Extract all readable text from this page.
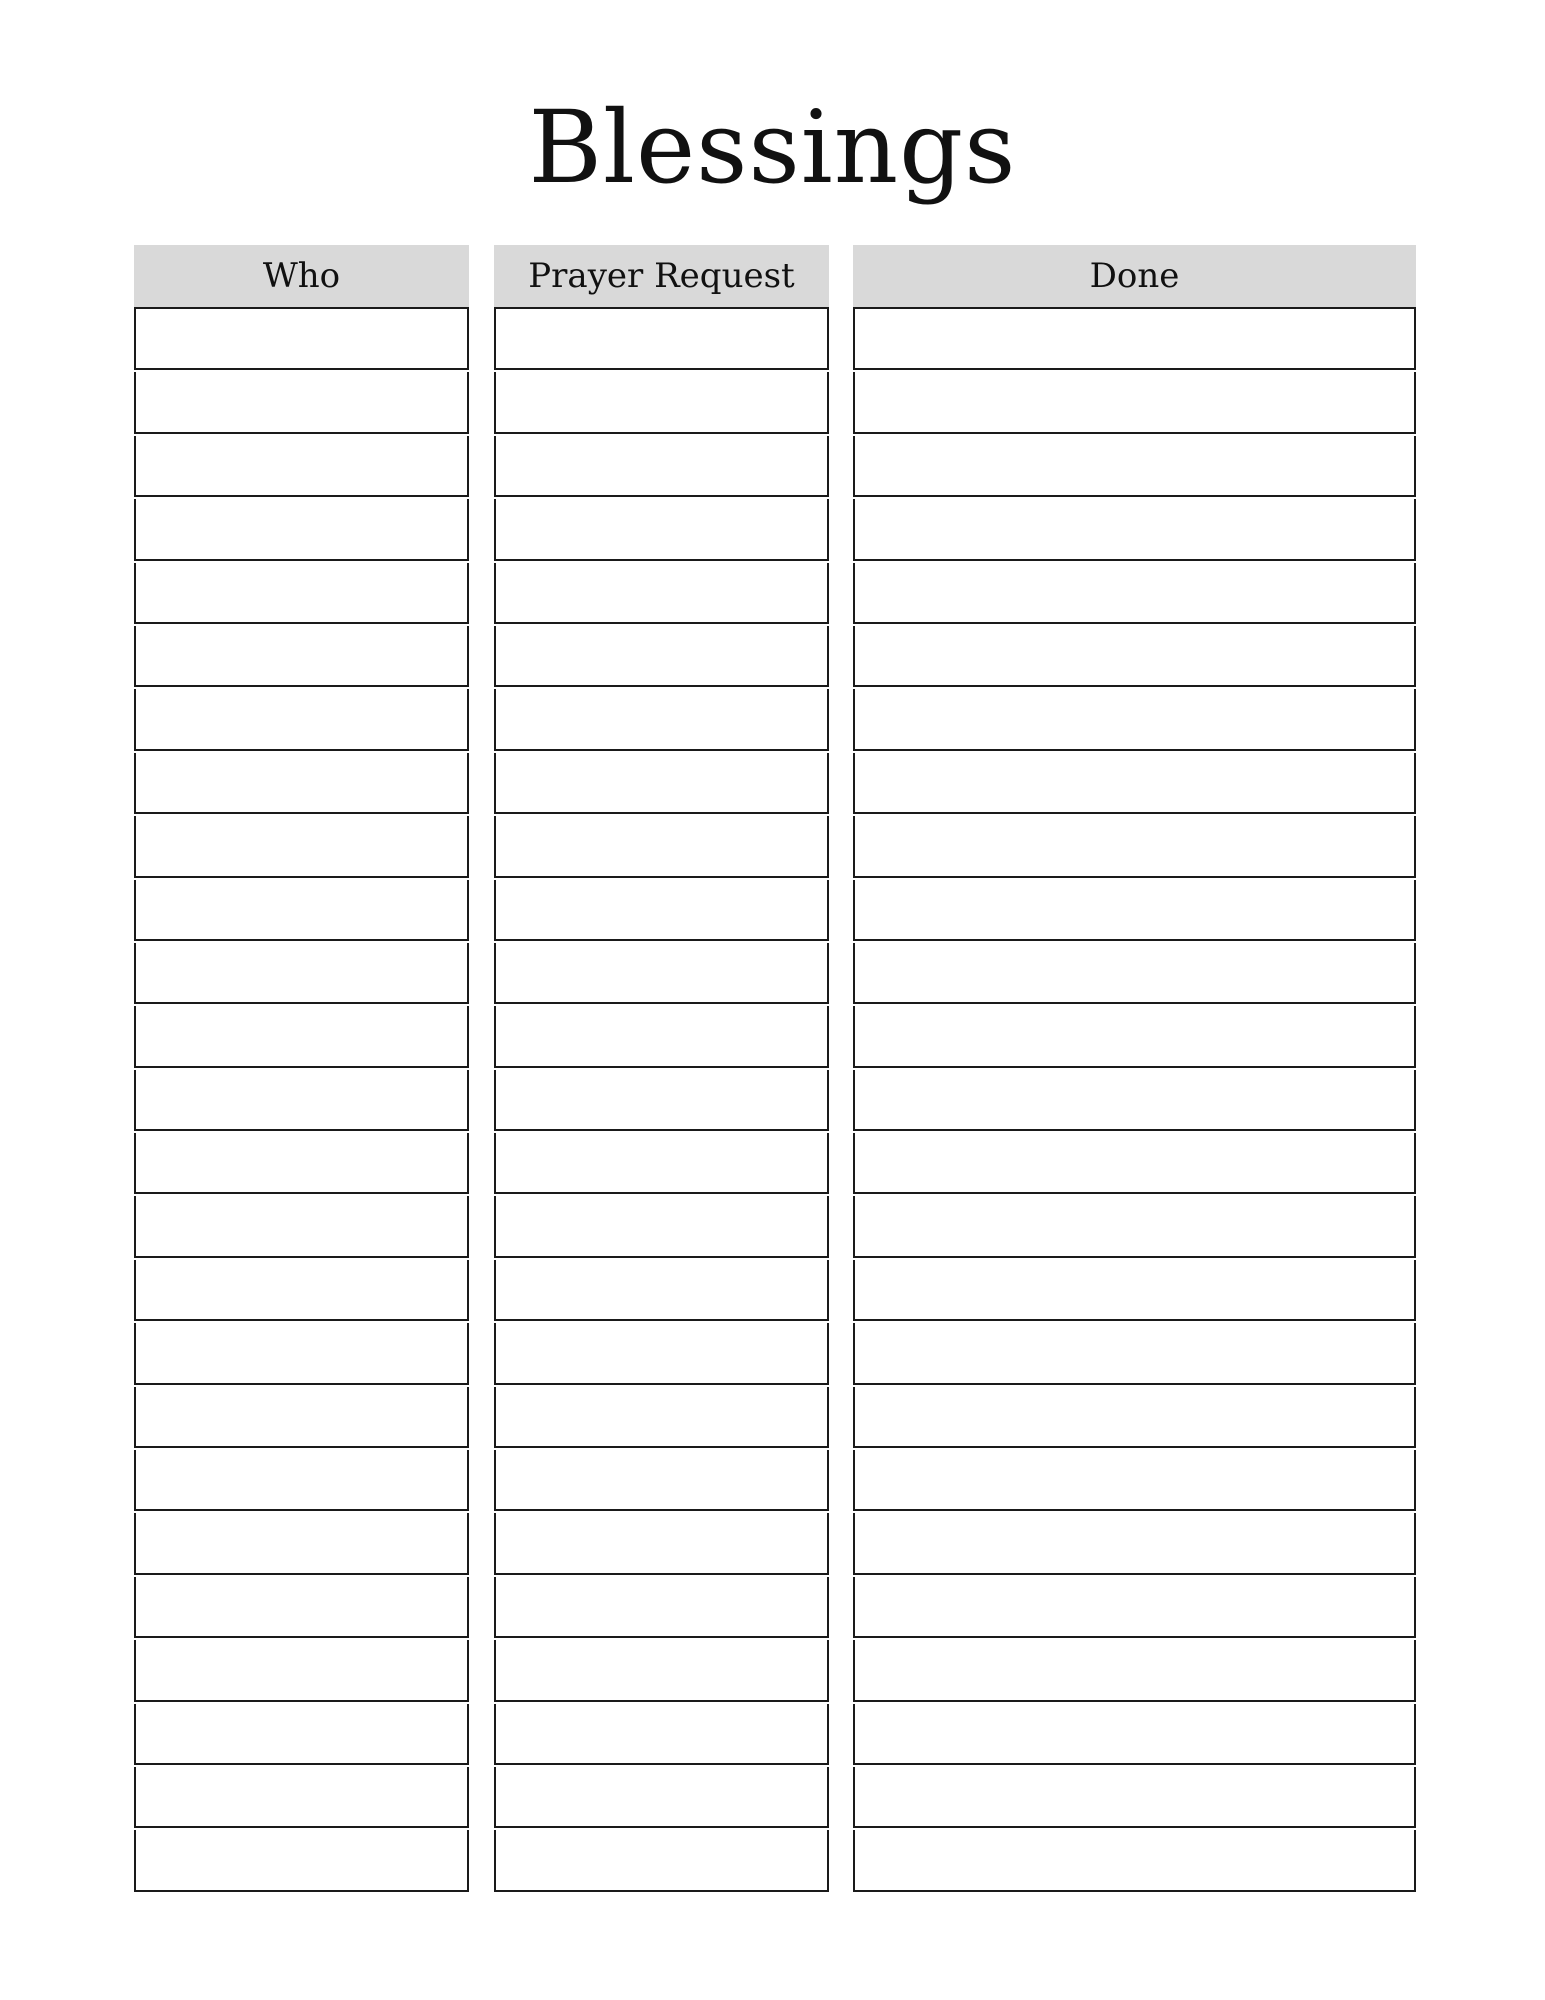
Blessings
Who	Prayer Request	Done
